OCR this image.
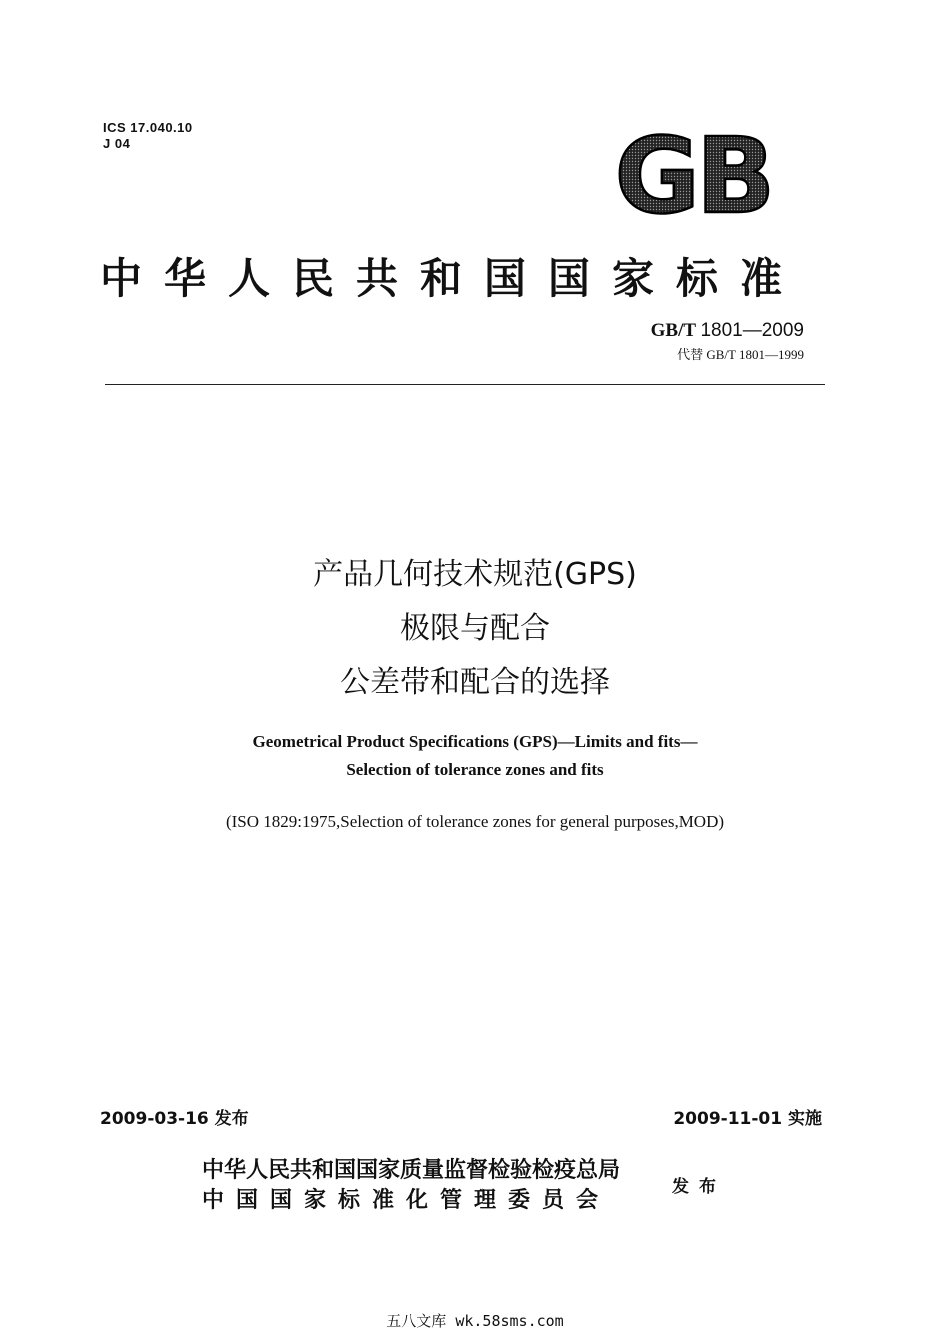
ICS 17.040.10
J 04	GB
中华人民共和国国家标准
GB/T 1801—2009
代替 GB/T 1801—1999
产品几何技术规范(GPS)
极限与配合
公差带和配合的选择
Geometrical Product Specifications (GPS)—Limits and fits—
Selection of tolerance zones and fits
(ISO 1829:1975,Selection of tolerance zones for general purposes,MOD)
2009-03-16 发布	2009-11-01 实施
中华人民共和国国家质量监督检验检疫总局
中国国家标准化管理委员会
发布
五八文库 wk.58sms.com
